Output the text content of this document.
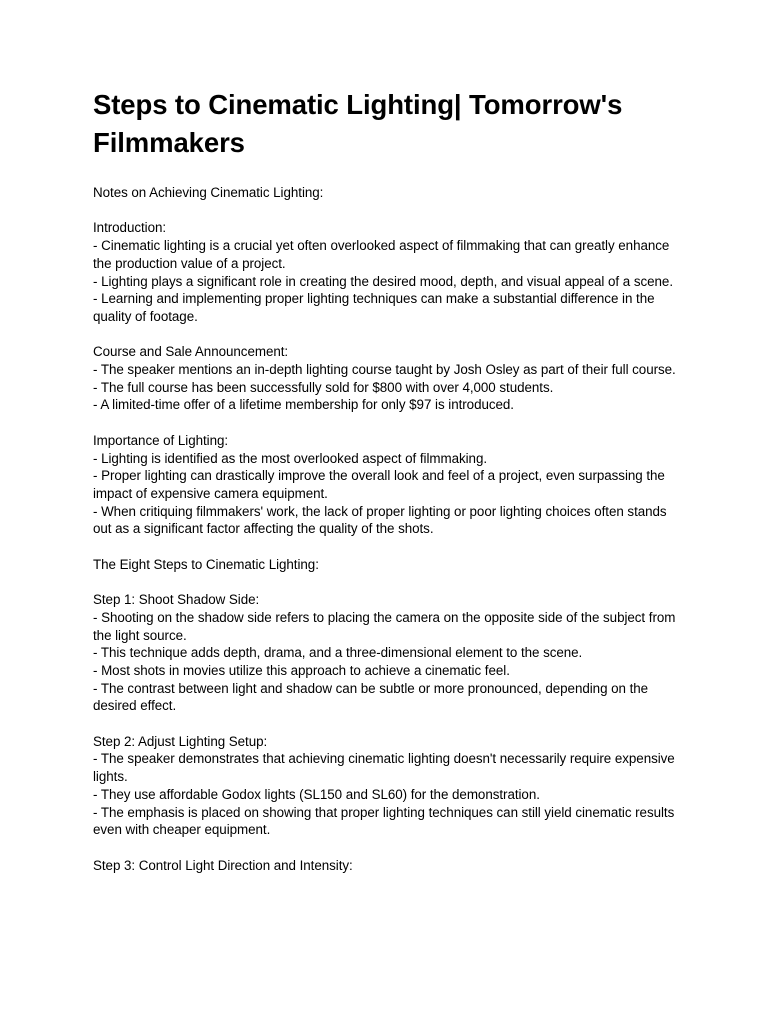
Steps to Cinematic Lighting| Tomorrow's Filmmakers

Notes on Achieving Cinematic Lighting:

Introduction:

- Cinematic lighting is a crucial yet often overlooked aspect of filmmaking that can greatly enhance the production value of a project.

- Lighting plays a significant role in creating the desired mood, depth, and visual appeal of a scene.

- Learning and implementing proper lighting techniques can make a substantial difference in the quality of footage.

Course and Sale Announcement:

- The speaker mentions an in-depth lighting course taught by Josh Osley as part of their full course.

- The full course has been successfully sold for $800 with over 4,000 students.

- A limited-time offer of a lifetime membership for only $97 is introduced.

Importance of Lighting:

- Lighting is identified as the most overlooked aspect of filmmaking.

- Proper lighting can drastically improve the overall look and feel of a project, even surpassing the impact of expensive camera equipment.

- When critiquing filmmakers' work, the lack of proper lighting or poor lighting choices often stands out as a significant factor affecting the quality of the shots.

The Eight Steps to Cinematic Lighting:

Step 1: Shoot Shadow Side:

- Shooting on the shadow side refers to placing the camera on the opposite side of the subject from the light source.

- This technique adds depth, drama, and a three-dimensional element to the scene.

- Most shots in movies utilize this approach to achieve a cinematic feel.

- The contrast between light and shadow can be subtle or more pronounced, depending on the desired effect.

Step 2: Adjust Lighting Setup:

- The speaker demonstrates that achieving cinematic lighting doesn't necessarily require expensive lights.

- They use affordable Godox lights (SL150 and SL60) for the demonstration.

- The emphasis is placed on showing that proper lighting techniques can still yield cinematic results even with cheaper equipment.

Step 3: Control Light Direction and Intensity:
